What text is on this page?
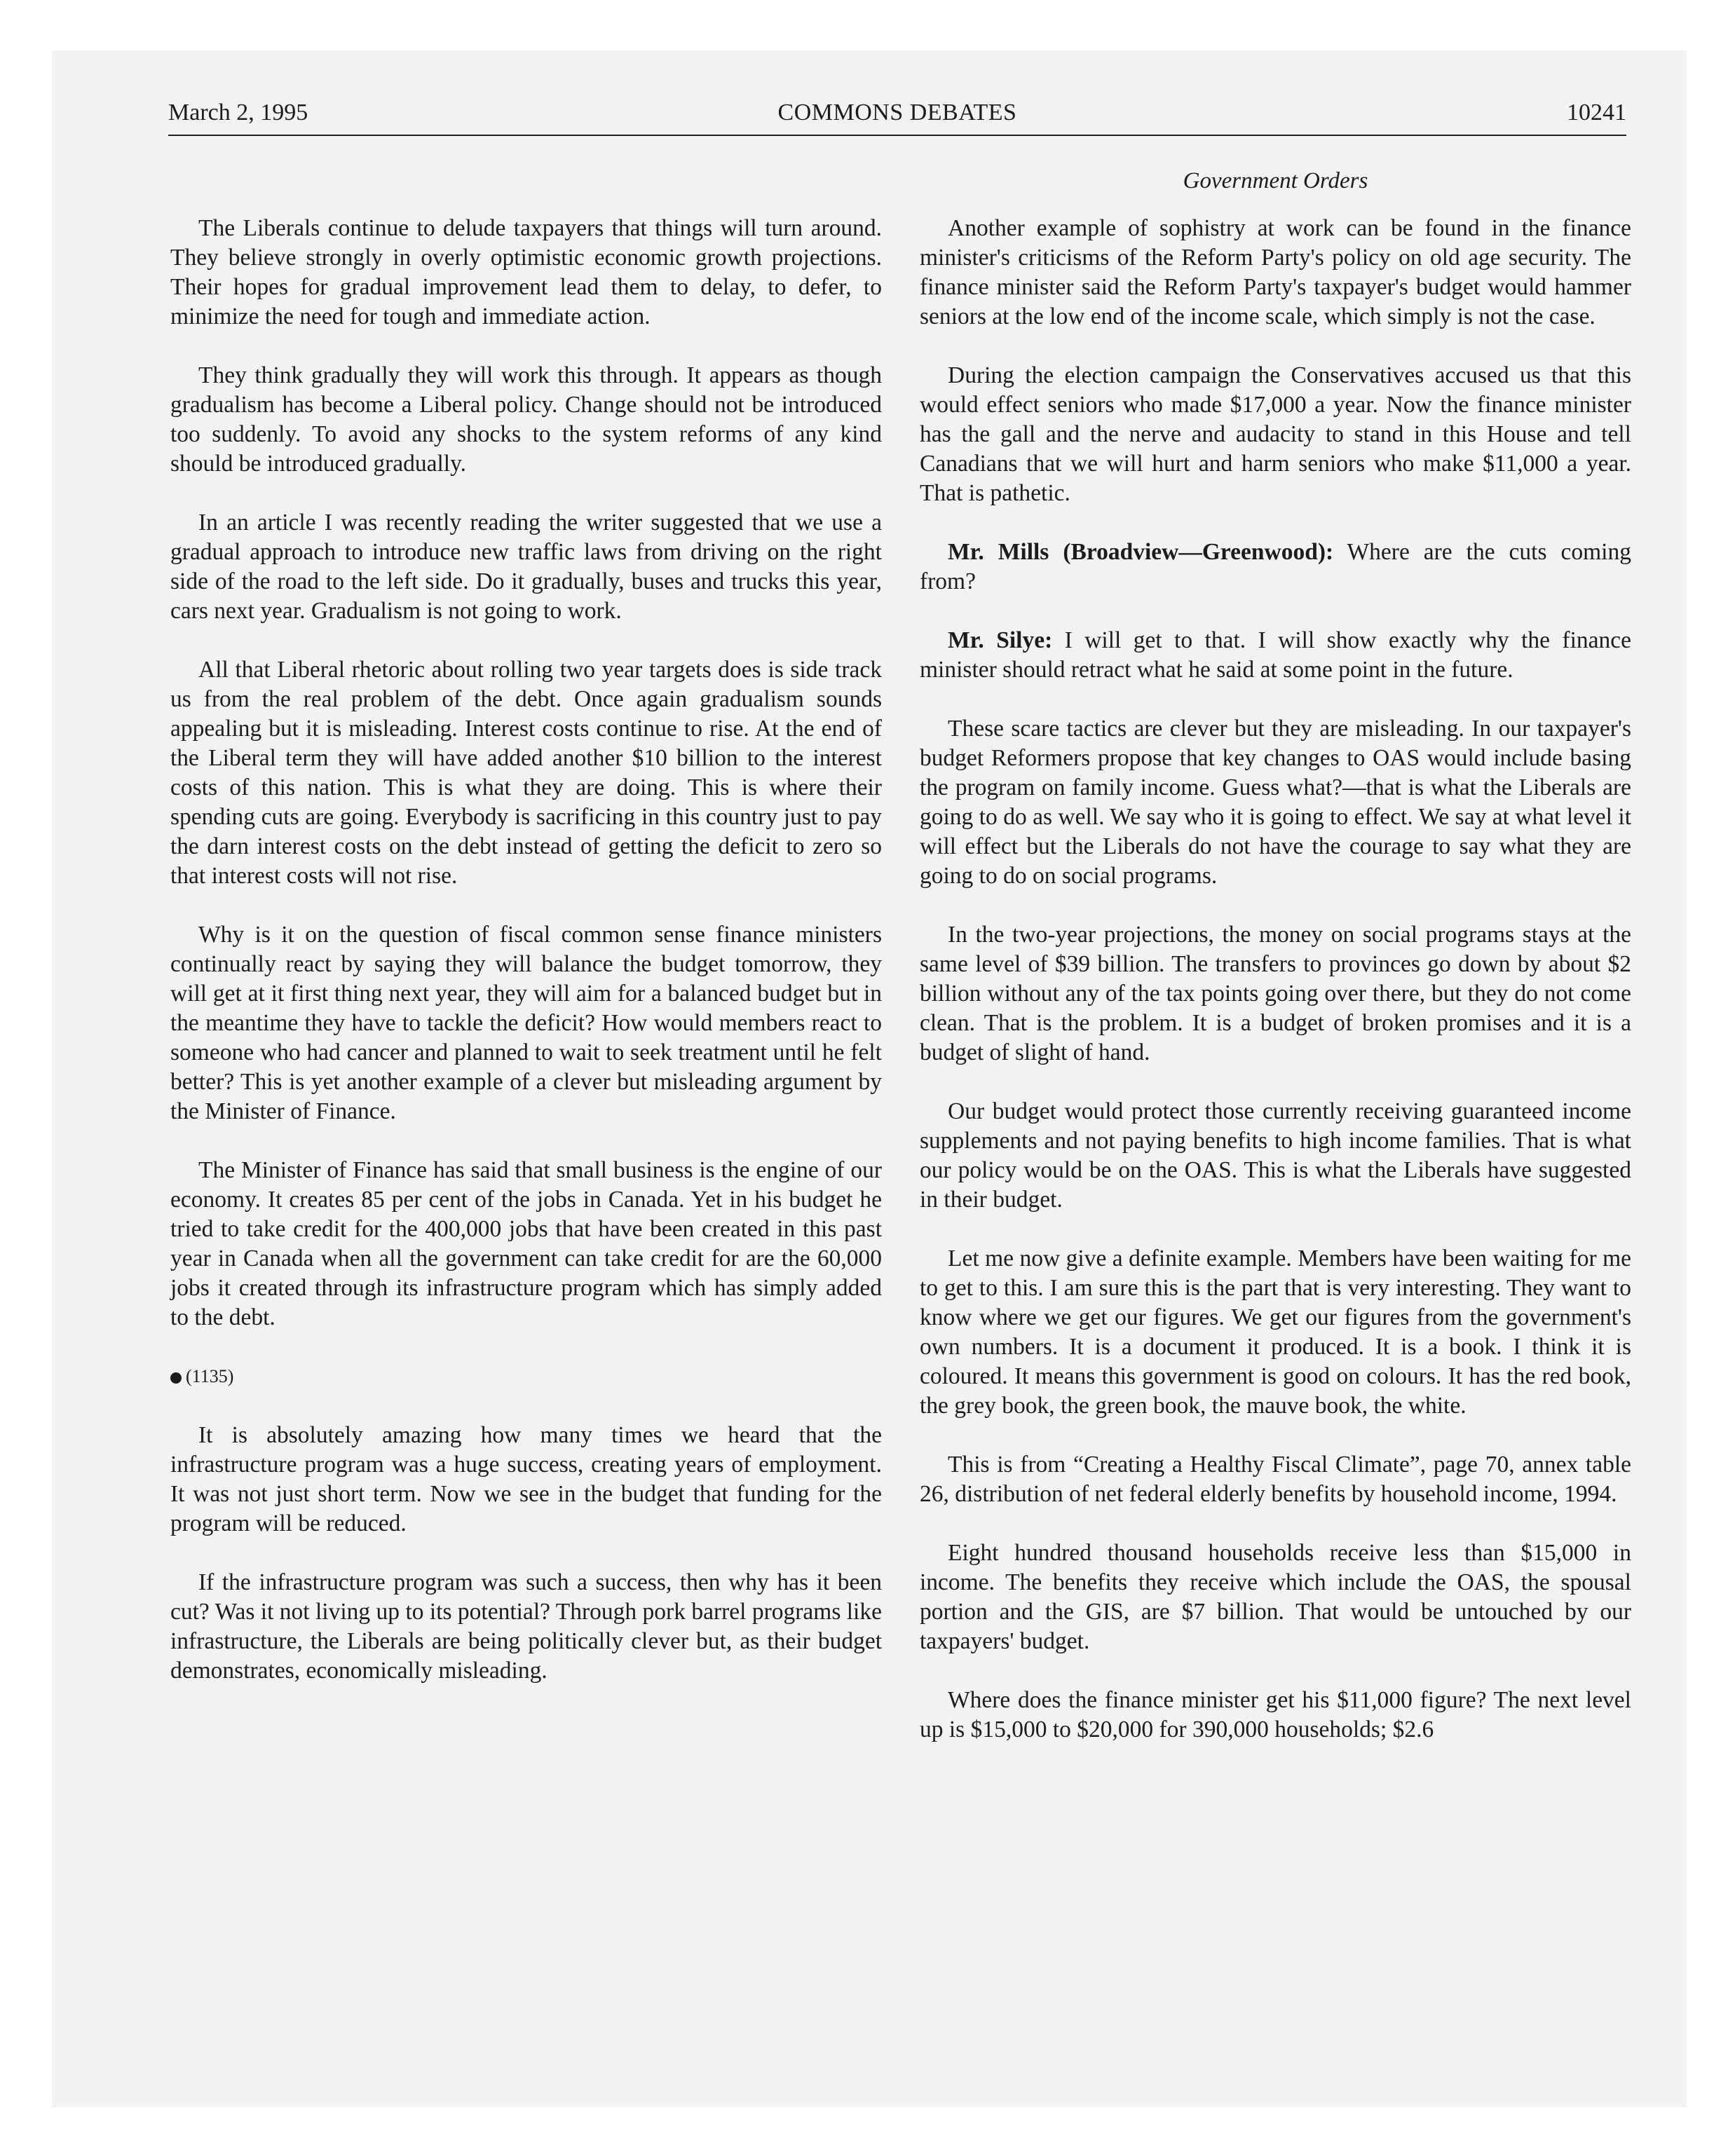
March 2, 1995	COMMONS DEBATES	10241
Government Orders

The Liberals continue to delude taxpayers that things will turn around. They believe strongly in overly optimistic economic growth projections. Their hopes for gradual improvement lead them to delay, to defer, to minimize the need for tough and immediate action.

They think gradually they will work this through. It appears as though gradualism has become a Liberal policy. Change should not be introduced too suddenly. To avoid any shocks to the system reforms of any kind should be introduced gradually.

In an article I was recently reading the writer suggested that we use a gradual approach to introduce new traffic laws from driving on the right side of the road to the left side. Do it gradually, buses and trucks this year, cars next year. Gradualism is not going to work.

All that Liberal rhetoric about rolling two year targets does is side track us from the real problem of the debt. Once again gradualism sounds appealing but it is misleading. Interest costs continue to rise. At the end of the Liberal term they will have added another $10 billion to the interest costs of this nation. This is what they are doing. This is where their spending cuts are going. Everybody is sacrificing in this country just to pay the darn interest costs on the debt instead of getting the deficit to zero so that interest costs will not rise.

Why is it on the question of fiscal common sense finance ministers continually react by saying they will balance the budget tomorrow, they will get at it first thing next year, they will aim for a balanced budget but in the meantime they have to tackle the deficit? How would members react to someone who had cancer and planned to wait to seek treatment until he felt better? This is yet another example of a clever but misleading argument by the Minister of Finance.

The Minister of Finance has said that small business is the engine of our economy. It creates 85 per cent of the jobs in Canada. Yet in his budget he tried to take credit for the 400,000 jobs that have been created in this past year in Canada when all the government can take credit for are the 60,000 jobs it created through its infrastructure program which has simply added to the debt.

(1135)

It is absolutely amazing how many times we heard that the infrastructure program was a huge success, creating years of employment. It was not just short term. Now we see in the budget that funding for the program will be reduced.

If the infrastructure program was such a success, then why has it been cut? Was it not living up to its potential? Through pork barrel programs like infrastructure, the Liberals are being politically clever but, as their budget demonstrates, economically misleading.

Another example of sophistry at work can be found in the finance minister's criticisms of the Reform Party's policy on old age security. The finance minister said the Reform Party's taxpayer's budget would hammer seniors at the low end of the income scale, which simply is not the case.

During the election campaign the Conservatives accused us that this would effect seniors who made $17,000 a year. Now the finance minister has the gall and the nerve and audacity to stand in this House and tell Canadians that we will hurt and harm seniors who make $11,000 a year. That is pathetic.

Mr. Mills (Broadview—Greenwood): Where are the cuts coming from?

Mr. Silye: I will get to that. I will show exactly why the finance minister should retract what he said at some point in the future.

These scare tactics are clever but they are misleading. In our taxpayer's budget Reformers propose that key changes to OAS would include basing the program on family income. Guess what?—that is what the Liberals are going to do as well. We say who it is going to effect. We say at what level it will effect but the Liberals do not have the courage to say what they are going to do on social programs.

In the two-year projections, the money on social programs stays at the same level of $39 billion. The transfers to provinces go down by about $2 billion without any of the tax points going over there, but they do not come clean. That is the problem. It is a budget of broken promises and it is a budget of slight of hand.

Our budget would protect those currently receiving guaranteed income supplements and not paying benefits to high income families. That is what our policy would be on the OAS. This is what the Liberals have suggested in their budget.

Let me now give a definite example. Members have been waiting for me to get to this. I am sure this is the part that is very interesting. They want to know where we get our figures. We get our figures from the government's own numbers. It is a document it produced. It is a book. I think it is coloured. It means this government is good on colours. It has the red book, the grey book, the green book, the mauve book, the white.

This is from “Creating a Healthy Fiscal Climate”, page 70, annex table 26, distribution of net federal elderly benefits by household income, 1994.

Eight hundred thousand households receive less than $15,000 in income. The benefits they receive which include the OAS, the spousal portion and the GIS, are $7 billion. That would be untouched by our taxpayers' budget.

Where does the finance minister get his $11,000 figure? The next level up is $15,000 to $20,000 for 390,000 households; $2.6
